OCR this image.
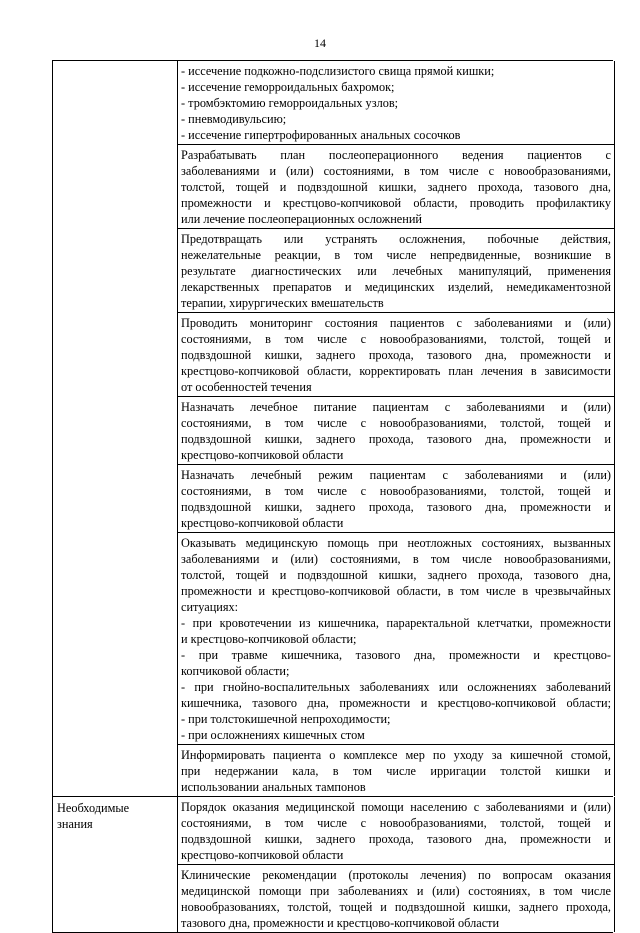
14
- иссечение подкожно-подслизистого свища прямой кишки;
- иссечение геморроидальных бахромок;
- тромбэктомию геморроидальных узлов;
- пневмодивульсию;
- иссечение гипертрофированных анальных сосочков
Разрабатывать план послеоперационного ведения пациентов с
заболеваниями и (или) состояниями, в том числе с новообразованиями,
толстой, тощей и подвздошной кишки, заднего прохода, тазового дна,
промежности и крестцово-копчиковой области, проводить профилактику
или лечение послеоперационных осложнений
Предотвращать или устранять осложнения, побочные действия,
нежелательные реакции, в том числе непредвиденные, возникшие в
результате диагностических или лечебных манипуляций, применения
лекарственных препаратов и медицинских изделий, немедикаментозной
терапии, хирургических вмешательств
Проводить мониторинг состояния пациентов с заболеваниями и (или)
состояниями, в том числе с новообразованиями, толстой, тощей и
подвздошной кишки, заднего прохода, тазового дна, промежности и
крестцово-копчиковой области, корректировать план лечения в зависимости
от особенностей течения
Назначать лечебное питание пациентам с заболеваниями и (или)
состояниями, в том числе с новообразованиями, толстой, тощей и
подвздошной кишки, заднего прохода, тазового дна, промежности и
крестцово-копчиковой области
Назначать лечебный режим пациентам с заболеваниями и (или)
состояниями, в том числе с новообразованиями, толстой, тощей и
подвздошной кишки, заднего прохода, тазового дна, промежности и
крестцово-копчиковой области
Оказывать медицинскую помощь при неотложных состояниях, вызванных
заболеваниями и (или) состояниями, в том числе новообразованиями,
толстой, тощей и подвздошной кишки, заднего прохода, тазового дна,
промежности и крестцово-копчиковой области, в том числе в чрезвычайных
ситуациях:
- при кровотечении из кишечника, параректальной клетчатки, промежности
и крестцово-копчиковой области;
- при травме кишечника, тазового дна, промежности и крестцово-
копчиковой области;
- при гнойно-воспалительных заболеваниях или осложнениях заболеваний
кишечника, тазового дна, промежности и крестцово-копчиковой области;
- при толстокишечной непроходимости;
- при осложнениях кишечных стом
Информировать пациента о комплексе мер по уходу за кишечной стомой,
при недержании кала, в том числе ирригации толстой кишки и
использовании анальных тампонов
Необходимые
знания
Порядок оказания медицинской помощи населению с заболеваниями и (или)
состояниями, в том числе с новообразованиями, толстой, тощей и
подвздошной кишки, заднего прохода, тазового дна, промежности и
крестцово-копчиковой области
Клинические рекомендации (протоколы лечения) по вопросам оказания
медицинской помощи при заболеваниях и (или) состояниях, в том числе
новообразованиях, толстой, тощей и подвздошной кишки, заднего прохода,
тазового дна, промежности и крестцово-копчиковой области
